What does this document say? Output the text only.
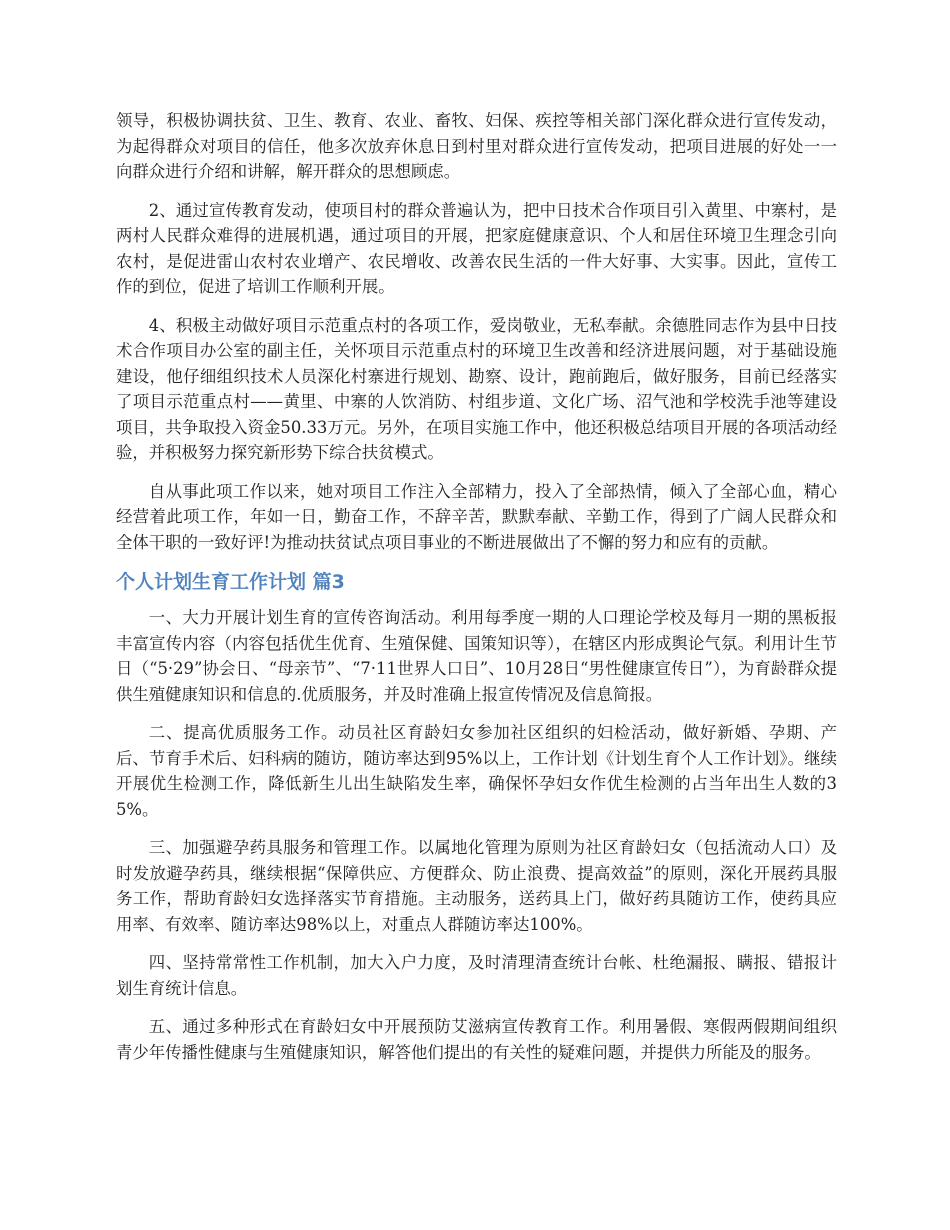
领导，积极协调扶贫、卫生、教育、农业、畜牧、妇保、疾控等相关部门深化群众进行宣传发动，为起得群众对项目的信任，他多次放弃休息日到村里对群众进行宣传发动，把项目进展的好处一一向群众进行介绍和讲解，解开群众的思想顾虑。

2、通过宣传教育发动，使项目村的群众普遍认为，把中日技术合作项目引入黄里、中寨村，是两村人民群众难得的进展机遇，通过项目的开展，把家庭健康意识、个人和居住环境卫生理念引向农村，是促进雷山农村农业增产、农民增收、改善农民生活的一件大好事、大实事。因此，宣传工作的到位，促进了培训工作顺利开展。

4、积极主动做好项目示范重点村的各项工作，爱岗敬业，无私奉献。余德胜同志作为县中日技术合作项目办公室的副主任，关怀项目示范重点村的环境卫生改善和经济进展问题，对于基础设施建设，他仔细组织技术人员深化村寨进行规划、勘察、设计，跑前跑后，做好服务，目前已经落实了项目示范重点村——黄里、中寨的人饮消防、村组步道、文化广场、沼气池和学校洗手池等建设项目，共争取投入资金50.33万元。另外，在项目实施工作中，他还积极总结项目开展的各项活动经验，并积极努力探究新形势下综合扶贫模式。

自从事此项工作以来，她对项目工作注入全部精力，投入了全部热情，倾入了全部心血，精心经营着此项工作，年如一日，勤奋工作，不辞辛苦，默默奉献、辛勤工作，得到了广阔人民群众和全体干职的一致好评!为推动扶贫试点项目事业的不断进展做出了不懈的努力和应有的贡献。

个人计划生育工作计划 篇3

一、大力开展计划生育的宣传咨询活动。利用每季度一期的人口理论学校及每月一期的黑板报丰富宣传内容（内容包括优生优育、生殖保健、国策知识等），在辖区内形成舆论气氛。利用计生节日（“5·29”协会日、“母亲节”、“7·11世界人口日”、10月28日“男性健康宣传日”），为育龄群众提供生殖健康知识和信息的.优质服务，并及时准确上报宣传情况及信息简报。

二、提高优质服务工作。动员社区育龄妇女参加社区组织的妇检活动，做好新婚、孕期、产后、节育手术后、妇科病的随访，随访率达到95%以上，工作计划《计划生育个人工作计划》。继续开展优生检测工作，降低新生儿出生缺陷发生率，确保怀孕妇女作优生检测的占当年出生人数的35%。

三、加强避孕药具服务和管理工作。以属地化管理为原则为社区育龄妇女（包括流动人口）及时发放避孕药具，继续根据“保障供应、方便群众、防止浪费、提高效益”的原则，深化开展药具服务工作，帮助育龄妇女选择落实节育措施。主动服务，送药具上门，做好药具随访工作，使药具应用率、有效率、随访率达98%以上，对重点人群随访率达100%。

四、坚持常常性工作机制，加大入户力度，及时清理清查统计台帐、杜绝漏报、瞒报、错报计划生育统计信息。

五、通过多种形式在育龄妇女中开展预防艾滋病宣传教育工作。利用暑假、寒假两假期间组织青少年传播性健康与生殖健康知识，解答他们提出的有关性的疑难问题，并提供力所能及的服务。
